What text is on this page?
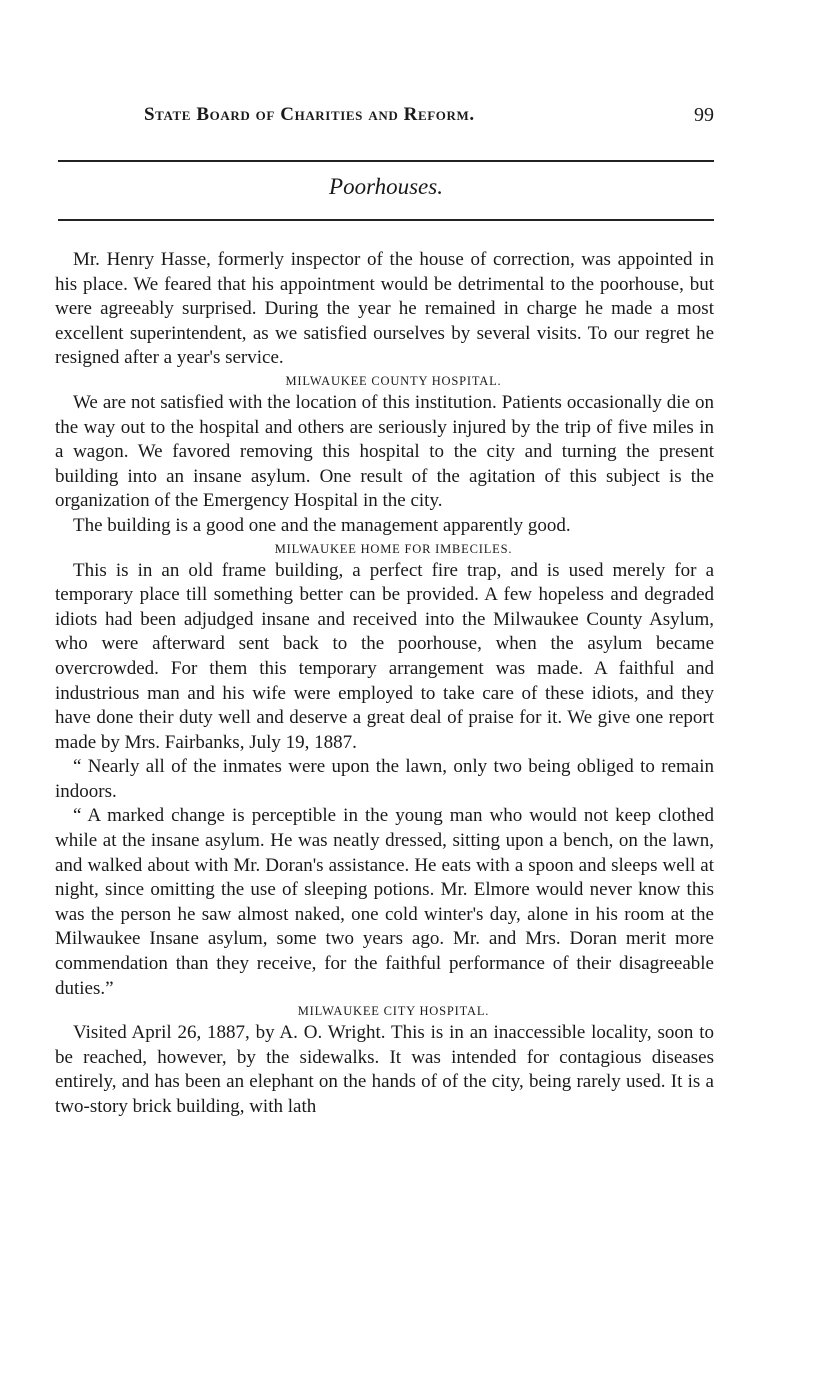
State Board of Charities and Reform.	99
Poorhouses.

Mr. Henry Hasse, formerly inspector of the house of correction, was appointed in his place. We feared that his appointment would be detrimental to the poorhouse, but were agreeably surprised. During the year he remained in charge he made a most excellent superintendent, as we satisfied ourselves by several visits. To our regret he resigned after a year's service.

MILWAUKEE COUNTY HOSPITAL.

We are not satisfied with the location of this institution. Patients occasionally die on the way out to the hospital and others are seriously injured by the trip of five miles in a wagon. We favored removing this hospital to the city and turning the present building into an insane asylum. One result of the agitation of this subject is the organization of the Emergency Hospital in the city.

The building is a good one and the management apparently good.

MILWAUKEE HOME FOR IMBECILES.

This is in an old frame building, a perfect fire trap, and is used merely for a temporary place till something better can be provided. A few hopeless and degraded idiots had been adjudged insane and received into the Milwaukee County Asylum, who were afterward sent back to the poorhouse, when the asylum became overcrowded. For them this temporary arrangement was made. A faithful and industrious man and his wife were employed to take care of these idiots, and they have done their duty well and deserve a great deal of praise for it. We give one report made by Mrs. Fairbanks, July 19, 1887.

“ Nearly all of the inmates were upon the lawn, only two being obliged to remain indoors.

“ A marked change is perceptible in the young man who would not keep clothed while at the insane asylum. He was neatly dressed, sitting upon a bench, on the lawn, and walked about with Mr. Doran's assistance. He eats with a spoon and sleeps well at night, since omitting the use of sleeping potions. Mr. Elmore would never know this was the person he saw almost naked, one cold winter's day, alone in his room at the Milwaukee Insane asylum, some two years ago. Mr. and Mrs. Doran merit more commendation than they receive, for the faithful performance of their disagreeable duties.”

MILWAUKEE CITY HOSPITAL.

Visited April 26, 1887, by A. O. Wright. This is in an inaccessible locality, soon to be reached, however, by the sidewalks. It was intended for contagious diseases entirely, and has been an elephant on the hands of of the city, being rarely used. It is a two-story brick building, with lath
